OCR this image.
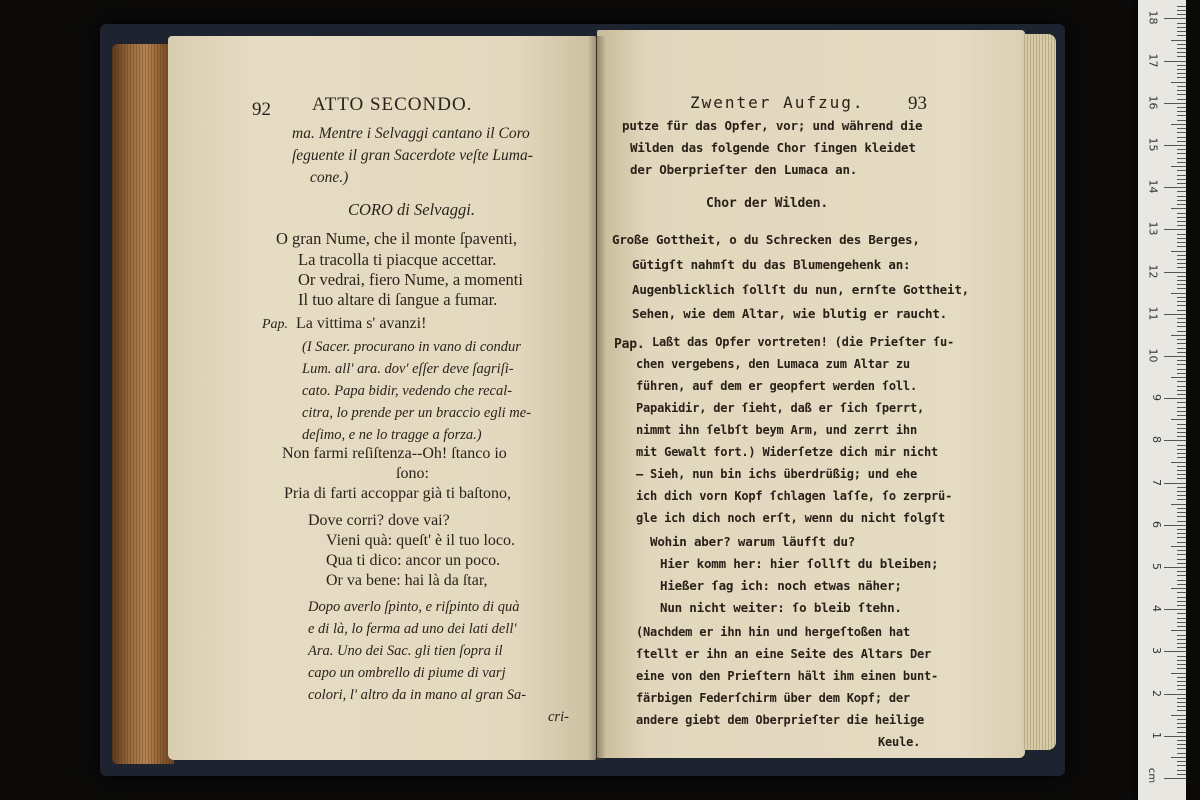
92 ATTO SECONDO.
ma. Mentre i Selvaggi cantano il Coro
ſeguente il gran Sacerdote veſte Luma-
cone.)
CORO di Selvaggi.
O gran Nume, che il monte ſpaventi,
La tracolla ti piacque accettar.
Or vedrai, fiero Nume, a momenti
Il tuo altare di ſangue a fumar.
Pap. La vittima s' avanzi!
(I Sacer. procurano in vano di condur
Lum. all' ara. dov' eſſer deve ſagriſi-
cato. Papa bidir, vedendo che recal-
citra, lo prende per un braccio egli me-
deſimo, e ne lo tragge a forza.)
Non farmi reſiſtenza--Oh! ſtanco io
ſono:
Pria di farti accoppar già ti baſtono,
Dove corri? dove vai?
Vieni quà: queſt' è il tuo loco.
Qua ti dico: ancor un poco.
Or va bene: hai là da ſtar,
Dopo averlo ſpinto, e riſpinto di quà
e di là, lo ferma ad uno dei lati dell'
Ara. Uno dei Sac. gli tien ſopra il
capo un ombrello di piume di varj
colori, l' altro da in mano al gran Sa-
cri-
Zwenter Aufzug. 93
putze für das Opfer, vor; und während die
Wilden das folgende Chor ſingen kleidet
der Oberprieſter den Lumaca an.
Chor der Wilden.
Große Gottheit, o du Schrecken des Berges,
Gütigſt nahmſt du das Blumengehenk an:
Augenblicklich ſollſt du nun, ernſte Gottheit,
Sehen, wie dem Altar, wie blutig er raucht.
Pap. Laßt das Opfer vortreten! (die Prieſter ſu-
chen vergebens, den Lumaca zum Altar zu
führen, auf dem er geopfert werden ſoll.
Papakidir, der ſieht, daß er ſich ſperrt,
nimmt ihn ſelbſt beym Arm, und zerrt ihn
mit Gewalt fort.) Widerſetze dich mir nicht
— Sieh, nun bin ichs überdrüßig; und ehe
ich dich vorn Kopf ſchlagen laſſe, ſo zerprü-
gle ich dich noch erſt, wenn du nicht folgſt
Wohin aber? warum läufſt du?
Hier komm her: hier ſollſt du bleiben;
Hießer ſag ich: noch etwas näher;
Nun nicht weiter: ſo bleib ſtehn.
(Nachdem er ihn hin und hergeſtoßen hat
ſtellt er ihn an eine Seite des Altars Der
eine von den Prieſtern hält ihm einen bunt-
färbigen Federſchirm über dem Kopf; der
andere giebt dem Oberprieſter die heilige
Keule.
cm
1
2
3
4
5
6
7
8
9
10
11
12
13
14
15
16
17
18
